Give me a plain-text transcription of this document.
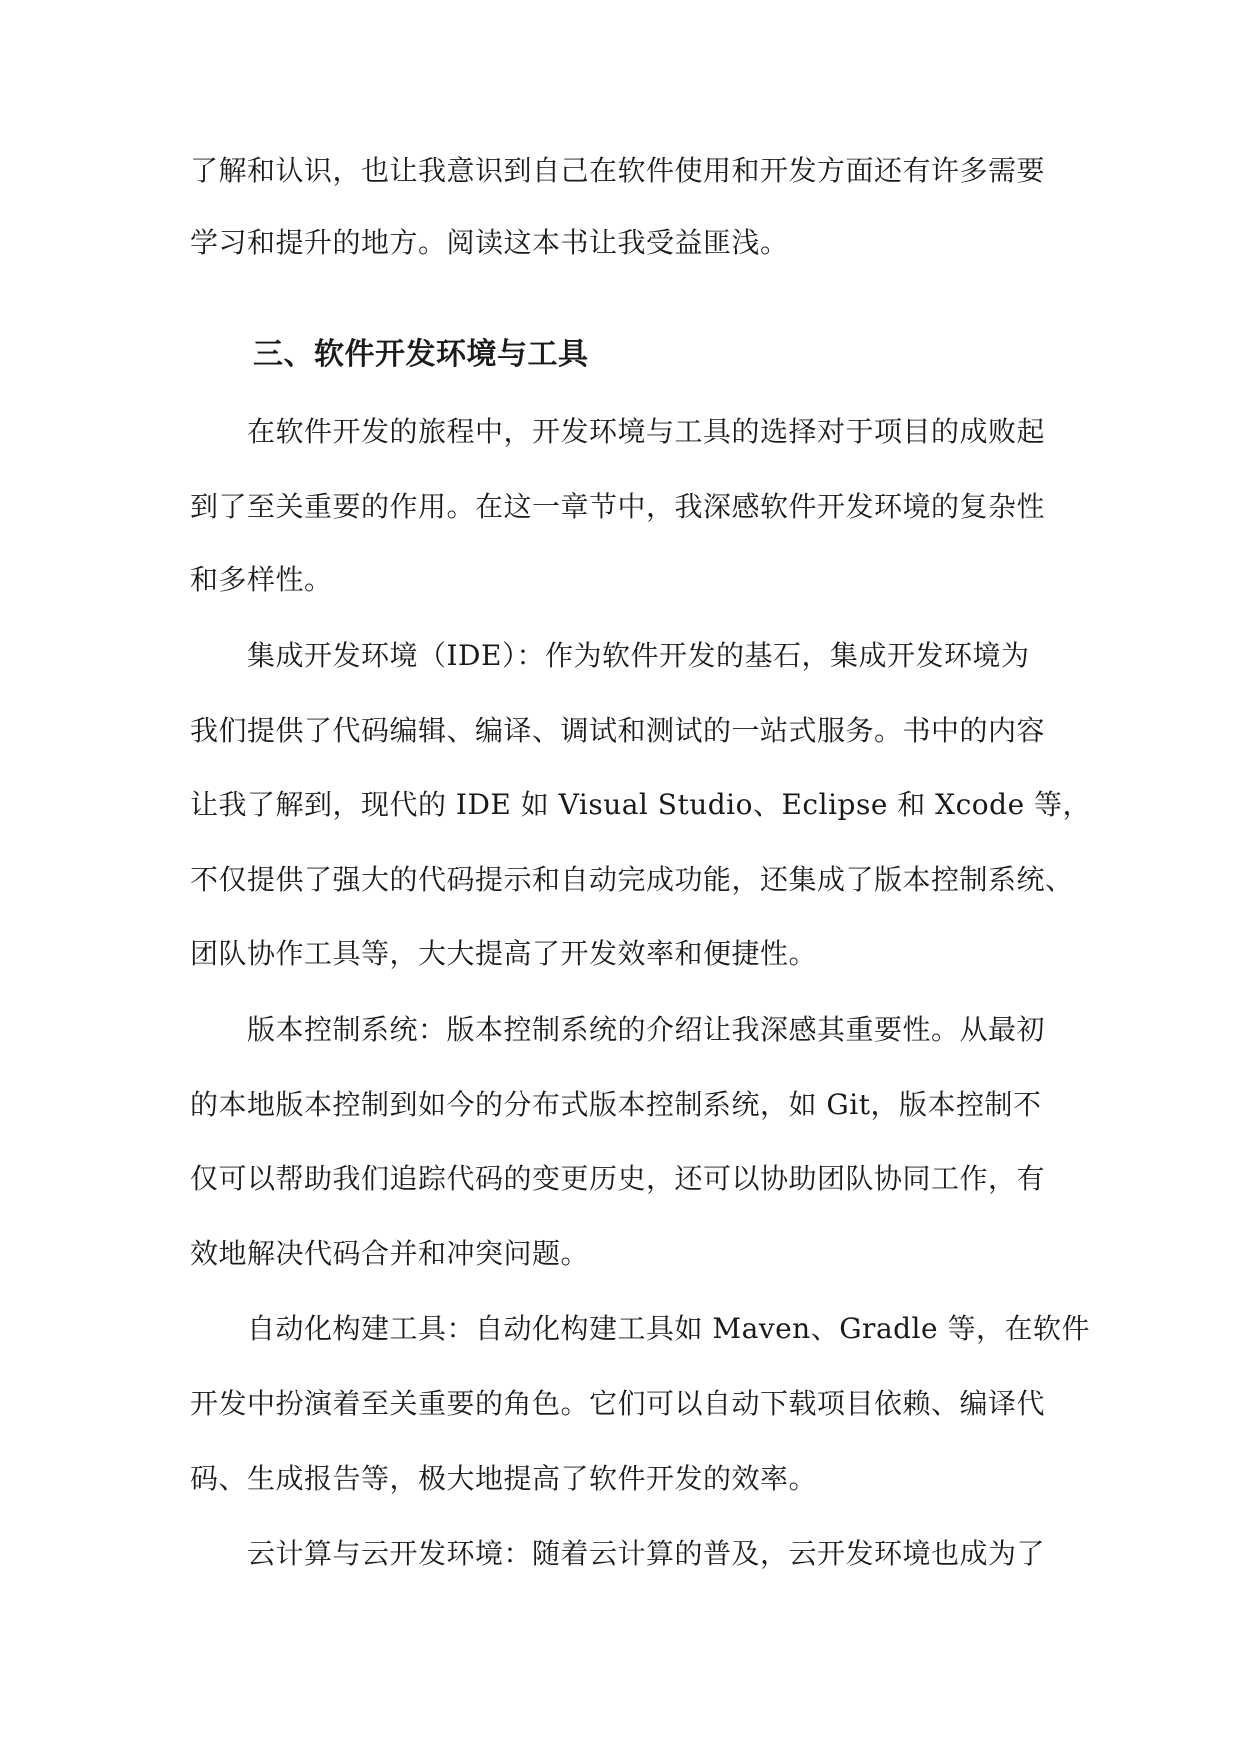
了解和认识，也让我意识到自己在软件使用和开发方面还有许多需要
学习和提升的地方。阅读这本书让我受益匪浅。
三、软件开发环境与工具
在软件开发的旅程中，开发环境与工具的选择对于项目的成败起
到了至关重要的作用。在这一章节中，我深感软件开发环境的复杂性
和多样性。
集成开发环境（IDE）：作为软件开发的基石，集成开发环境为
我们提供了代码编辑、编译、调试和测试的一站式服务。书中的内容
让我了解到，现代的 IDE 如 Visual Studio、Eclipse 和 Xcode 等，
不仅提供了强大的代码提示和自动完成功能，还集成了版本控制系统、
团队协作工具等，大大提高了开发效率和便捷性。
版本控制系统：版本控制系统的介绍让我深感其重要性。从最初
的本地版本控制到如今的分布式版本控制系统，如 Git，版本控制不
仅可以帮助我们追踪代码的变更历史，还可以协助团队协同工作，有
效地解决代码合并和冲突问题。
自动化构建工具：自动化构建工具如 Maven、Gradle 等，在软件
开发中扮演着至关重要的角色。它们可以自动下载项目依赖、编译代
码、生成报告等，极大地提高了软件开发的效率。
云计算与云开发环境：随着云计算的普及，云开发环境也成为了
